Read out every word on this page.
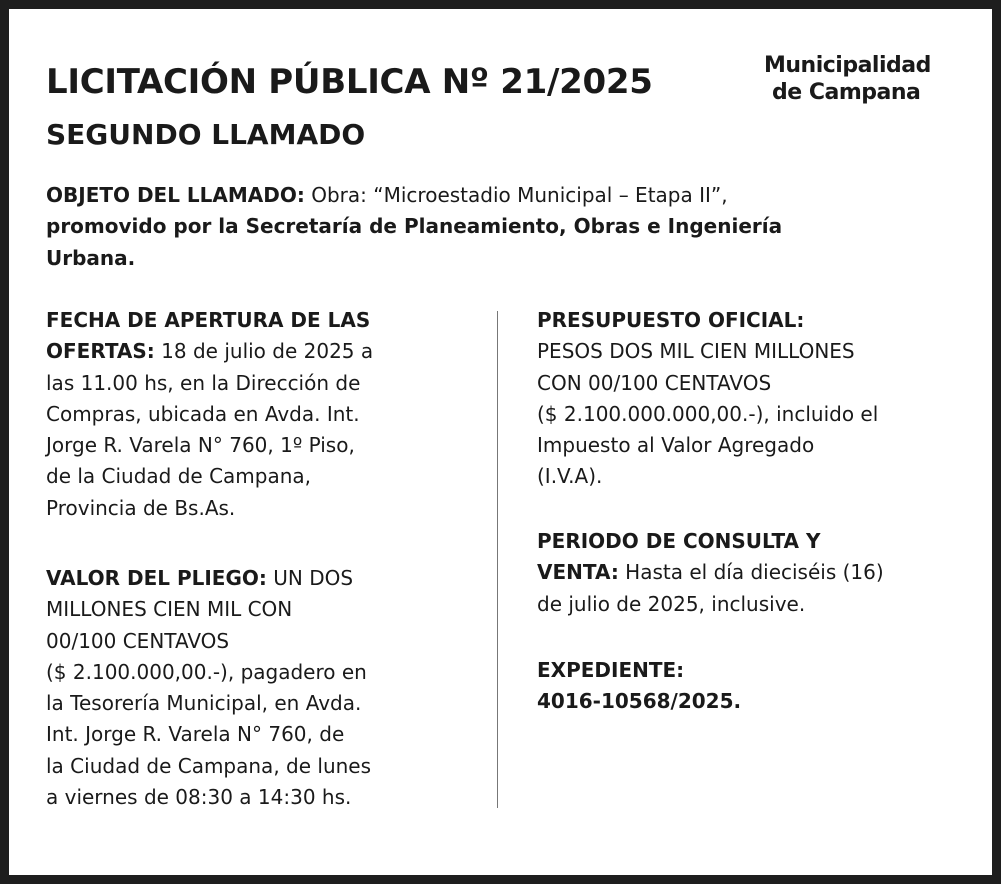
LICITACIÓN PÚBLICA Nº 21/2025
SEGUNDO LLAMADO
Municipalidad
de Campana
OBJETO DEL LLAMADO: Obra: “Microestadio Municipal – Etapa II”,
promovido por la Secretaría de Planeamiento, Obras e Ingeniería
Urbana.
FECHA DE APERTURA DE LAS
OFERTAS: 18 de julio de 2025 a
las 11.00 hs, en la Dirección de
Compras, ubicada en Avda. Int.
Jorge R. Varela N° 760, 1º Piso,
de la Ciudad de Campana,
Provincia de Bs.As.
VALOR DEL PLIEGO: UN DOS
MILLONES CIEN MIL CON
00/100 CENTAVOS
($ 2.100.000,00.-), pagadero en
la Tesorería Municipal, en Avda.
Int. Jorge R. Varela N° 760, de
la Ciudad de Campana, de lunes
a viernes de 08:30 a 14:30 hs.
PRESUPUESTO OFICIAL:
PESOS DOS MIL CIEN MILLONES
CON 00/100 CENTAVOS
($ 2.100.000.000,00.-), incluido el
Impuesto al Valor Agregado
(I.V.A).
PERIODO DE CONSULTA Y
VENTA: Hasta el día dieciséis (16)
de julio de 2025, inclusive.
EXPEDIENTE:
4016-10568/2025.
